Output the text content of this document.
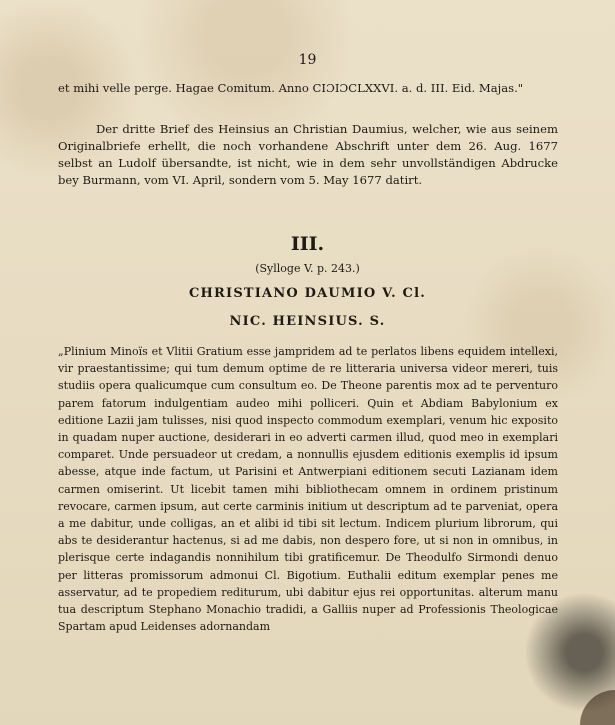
19
et mihi velle perge. Hagae Comitum. Anno CIƆIƆCLXXVI. a. d. III. Eid. Majas."
Der dritte Brief des Heinsius an Christian Daumius, welcher, wie aus seinem Originalbriefe erhellt, die noch vorhandene Abschrift unter dem 26. Aug. 1677 selbst an Ludolf übersandte, ist nicht, wie in dem sehr unvollständigen Abdrucke bey Burmann, vom VI. April, sondern vom 5. May 1677 datirt.
III.
(Sylloge V. p. 243.)
CHRISTIANO DAUMIO V. Cl.
NIC. HEINSIUS. S.
„Plinium Minoïs et Vlitii Gratium esse jampridem ad te perlatos libens equidem intellexi, vir praestantissime; qui tum demum optime de re litteraria universa videor mereri, tuis studiis opera qualicumque cum consultum eo. De Theone parentis mox ad te perventuro parem fatorum indulgentiam audeo mihi polliceri. Quin et Abdiam Babylonium ex editione Lazii jam tulisses, nisi quod inspecto commodum exemplari, venum hic exposito in quadam nuper auctione, desiderari in eo adverti carmen illud, quod meo in exemplari comparet. Unde persuadeor ut credam, a nonnullis ejusdem editionis exemplis id ipsum abesse, atque inde factum, ut Parisini et Antwerpiani editionem secuti Lazianam idem carmen omiserint. Ut licebit tamen mihi bibliothecam omnem in ordinem pristinum revocare, carmen ipsum, aut certe carminis initium ut descriptum ad te parveniat, opera a me dabitur, unde colligas, an et alibi id tibi sit lectum. Indicem plurium librorum, qui abs te desiderantur hactenus, si ad me dabis, non despero fore, ut si non in omnibus, in plerisque certe indagandis nonnihilum tibi gratificemur. De Theodulfo Sirmondi denuo per litteras promissorum admonui Cl. Bigotium. Euthalii editum exemplar penes me asservatur, ad te propediem rediturum, ubi dabitur ejus rei opportunitas. alterum manu tua descriptum Stephano Monachio tradidi, a Galliis nuper ad Professionis Theologicae Spartam apud Leidenses adornandam
